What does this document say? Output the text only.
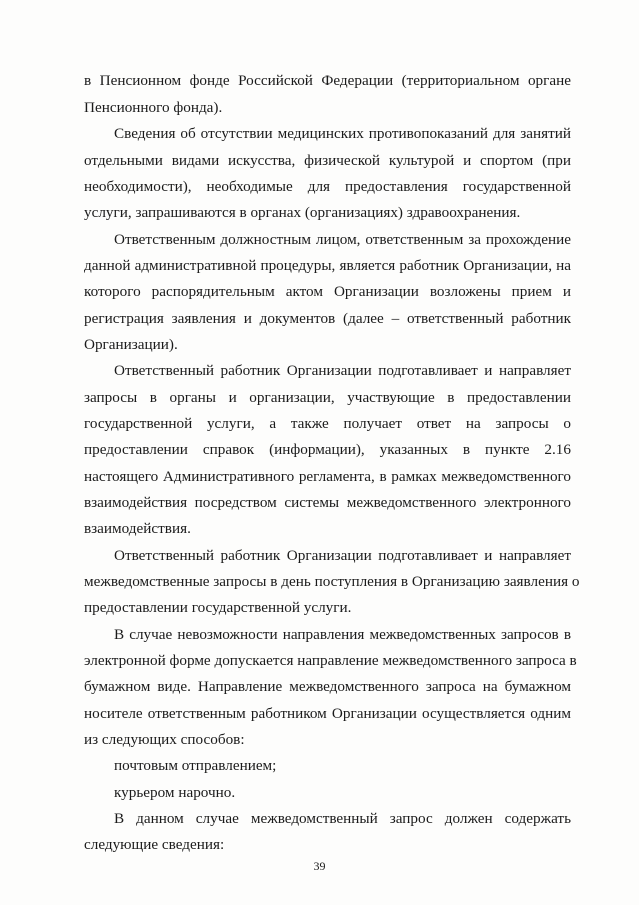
в Пенсионном фонде Российской Федерации (территориальном органе
Пенсионного фонда).
Сведения об отсутствии медицинских противопоказаний для занятий
отдельными видами искусства, физической культурой и спортом (при
необходимости), необходимые для предоставления государственной
услуги, запрашиваются в органах (организациях) здравоохранения.
Ответственным должностным лицом, ответственным за прохождение
данной административной процедуры, является работник Организации, на
которого распорядительным актом Организации возложены прием и
регистрация заявления и документов (далее – ответственный работник
Организации).
Ответственный работник Организации подготавливает и направляет
запросы в органы и организации, участвующие в предоставлении
государственной услуги, а также получает ответ на запросы о
предоставлении справок (информации), указанных в пункте 2.16
настоящего Административного регламента, в рамках межведомственного
взаимодействия посредством системы межведомственного электронного
взаимодействия.
Ответственный работник Организации подготавливает и направляет
межведомственные запросы в день поступления в Организацию заявления о
предоставлении государственной услуги.
В случае невозможности направления межведомственных запросов в
электронной форме допускается направление межведомственного запроса в
бумажном виде. Направление межведомственного запроса на бумажном
носителе ответственным работником Организации осуществляется одним
из следующих способов:
почтовым отправлением;
курьером нарочно.
В данном случае межведомственный запрос должен содержать
следующие сведения:
39
